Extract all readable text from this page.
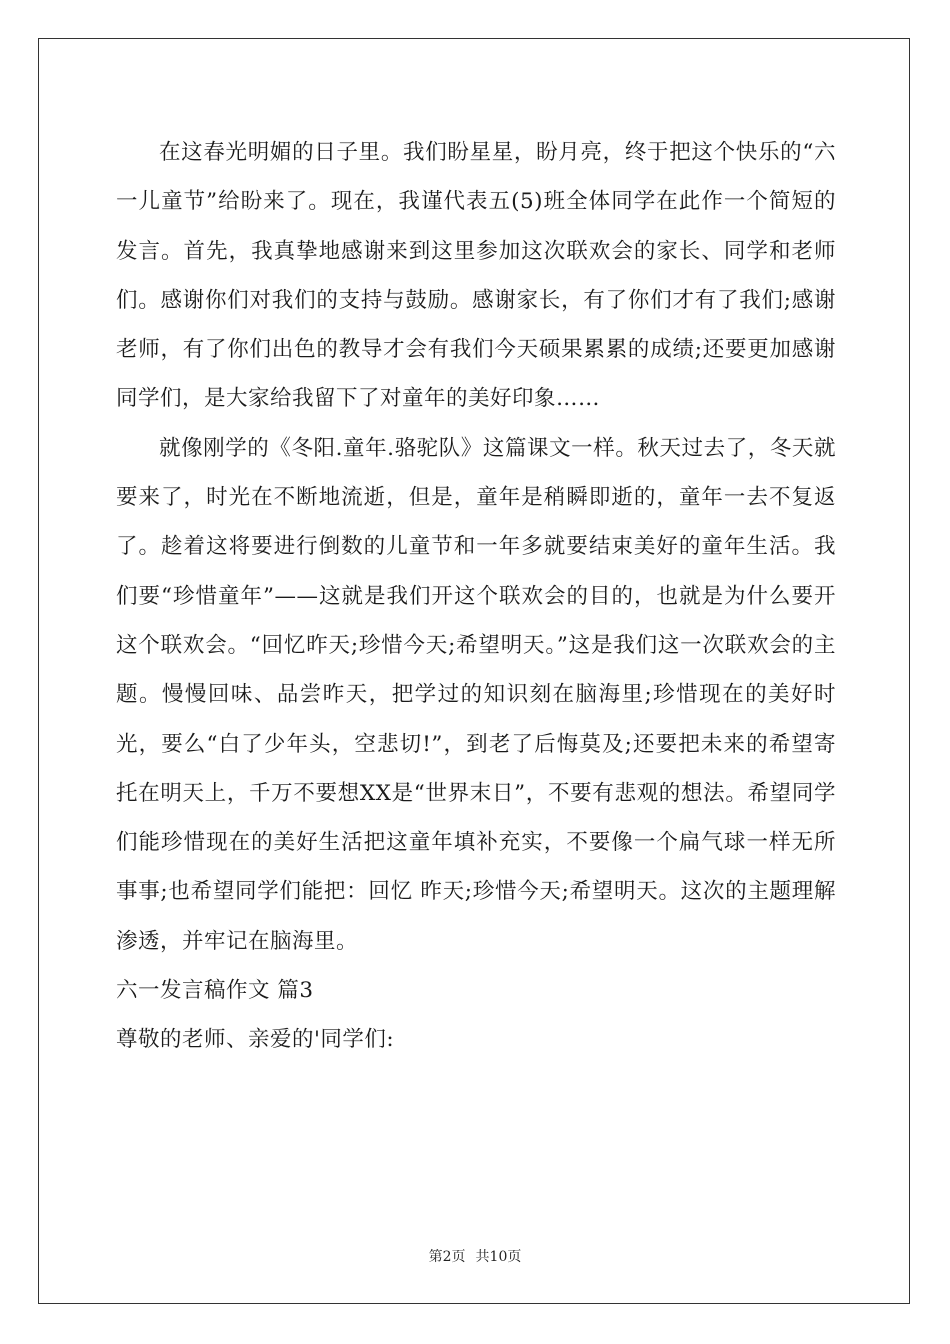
在这春光明媚的日子里。我们盼星星，盼月亮，终于把这个快乐的“六一儿童节”给盼来了。现在，我谨代表五(5)班全体同学在此作一个简短的发言。首先，我真挚地感谢来到这里参加这次联欢会的家长、同学和老师们。感谢你们对我们的支持与鼓励。感谢家长，有了你们才有了我们;感谢老师，有了你们出色的教导才会有我们今天硕果累累的成绩;还要更加感谢同学们，是大家给我留下了对童年的美好印象……

就像刚学的《冬阳.童年.骆驼队》这篇课文一样。秋天过去了，冬天就要来了，时光在不断地流逝，但是，童年是稍瞬即逝的，童年一去不复返了。趁着这将要进行倒数的儿童节和一年多就要结束美好的童年生活。我们要“珍惜童年”——这就是我们开这个联欢会的目的，也就是为什么要开这个联欢会。“回忆昨天;珍惜今天;希望明天。”这是我们这一次联欢会的主题。慢慢回味、品尝昨天，把学过的知识刻在脑海里;珍惜现在的美好时光，要么“白了少年头，空悲切!”，到老了后悔莫及;还要把未来的希望寄托在明天上，千万不要想XX是“世界末日”，不要有悲观的想法。希望同学们能珍惜现在的美好生活把这童年填补充实，不要像一个扁气球一样无所事事;也希望同学们能把：回忆 昨天;珍惜今天;希望明天。这次的主题理解渗透，并牢记在脑海里。

六一发言稿作文 篇3

尊敬的老师、亲爱的'同学们:

第2页 共10页
